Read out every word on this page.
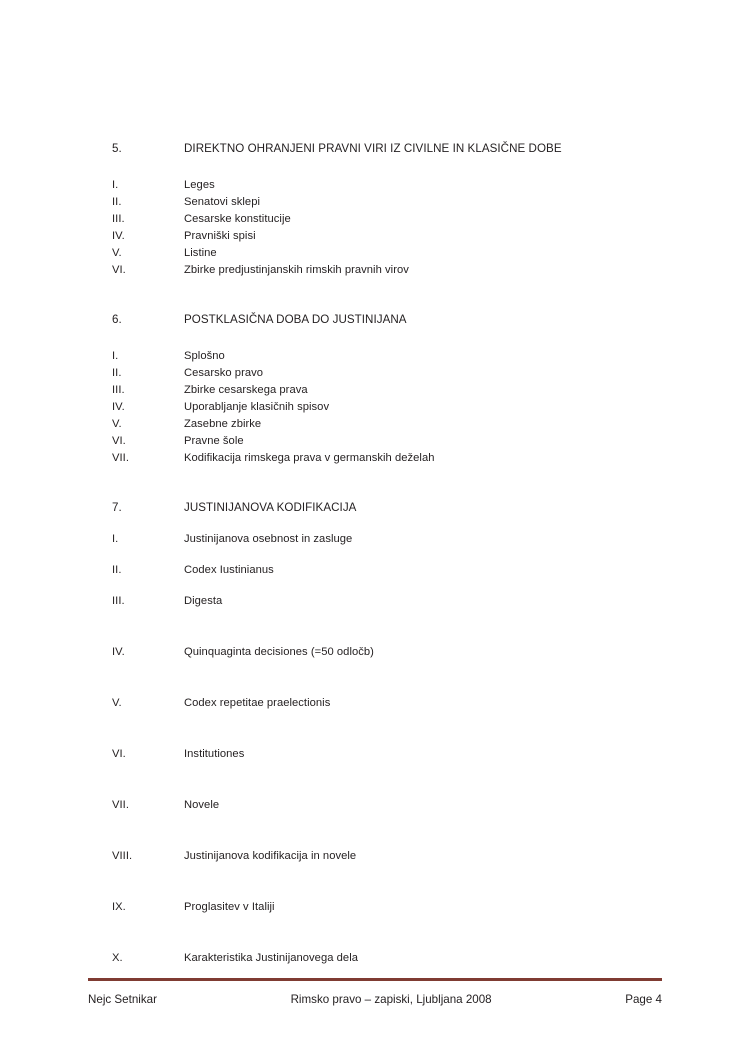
5.	DIREKTNO OHRANJENI PRAVNI VIRI IZ CIVILNE IN KLASIČNE DOBE
I.	Leges
II.	Senatovi sklepi
III.	Cesarske konstitucije
IV.	Pravniški spisi
V.	Listine
VI.	Zbirke predjustinjanskih rimskih pravnih virov
6.	POSTKLASIČNA DOBA DO JUSTINIJANA
I.	Splošno
II.	Cesarsko pravo
III.	Zbirke cesarskega prava
IV.	Uporabljanje klasičnih spisov
V.	Zasebne zbirke
VI.	Pravne šole
VII.	Kodifikacija rimskega prava v germanskih deželah
7.	JUSTINIJANOVA KODIFIKACIJA
I.	Justinijanova osebnost in zasluge
II.	Codex Iustinianus
III.	Digesta
IV.	Quinquaginta decisiones (=50 odločb)
V.	Codex repetitae praelectionis
VI.	Institutiones
VII.	Novele
VIII.	Justinijanova kodifikacija in novele
IX.	Proglasitev v Italiji
X.	Karakteristika Justinijanovega dela
Nejc Setnikar	Rimsko pravo – zapiski, Ljubljana 2008	Page 4
